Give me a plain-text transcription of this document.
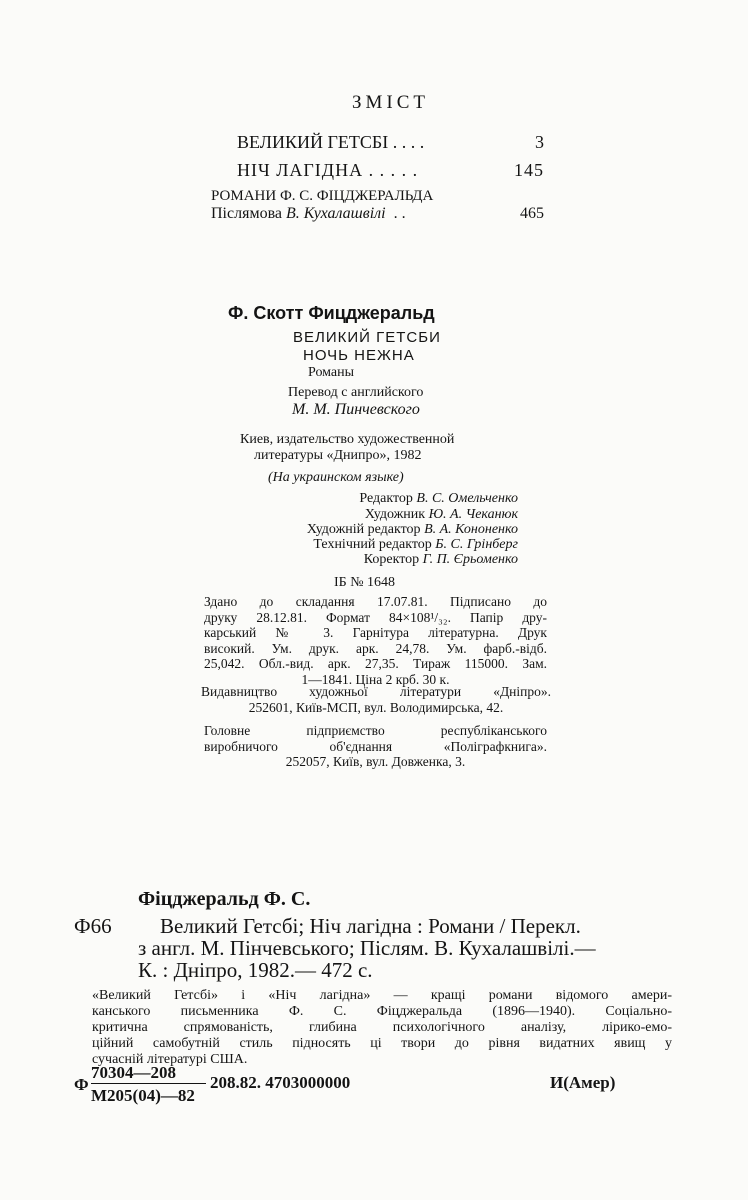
ЗМІСТ
ВЕЛИКИЙ ГЕТСБІ . . . .	3
НІЧ ЛАГІДНА . . . . .	145
РОМАНИ Ф. С. ФІЦДЖЕРАЛЬДА
Післямова
В. Кухалашвілі . .	465
Ф. Скотт Фицджеральд
ВЕЛИКИЙ ГЕТСБИ
НОЧЬ НЕЖНА
Романы
Перевод с английского
М. М. Пинчевского
Киев, издательство художественной
литературы «Днипро», 1982
(На украинском языке)
Редактор В. С. Омельченко
Художник Ю. А. Чеканюк
Художній редактор В. А. Кононенко
Технічний редактор Б. С. Грінберг
Коректор Г. П. Єрьоменко
ІБ № 1648
Здано до складання 17.07.81. Підписано до
друку 28.12.81. Формат 84×108¹/₃₂. Папір дру-
карський № 3. Гарнітура літературна. Друк
високий. Ум. друк. арк. 24,78. Ум. фарб.-відб.
25,042. Обл.-вид. арк. 27,35. Тираж 115000. Зам.
1—1841. Ціна 2 крб. 30 к.
Видавництво художньої літератури «Дніпро».
252601, Київ-МСП, вул. Володимирська, 42.
Головне підприємство республіканського
виробничого об'єднання «Поліграфкнига».
252057, Київ, вул. Довженка, 3.
Фіцджеральд Ф. С.
Ф66 Великий Гетсбі; Ніч лагідна : Романи / Перекл.
з англ. М. Пінчевського; Післям. В. Кухалашвілі.—
К. : Дніпро, 1982.— 472 с.
«Великий Гетсбі» і «Ніч лагідна» — кращі романи відомого амери-
канського письменника Ф. С. Фіцджеральда (1896—1940). Соціально-
критична спрямованість, глибина психологічного аналізу, лірико-емо-
ційний самобутній стиль підносять ці твори до рівня видатних явищ у
сучасній літературі США.
Ф
70304—208
М205(04)—82
208.82. 4703000000	И(Амер)
